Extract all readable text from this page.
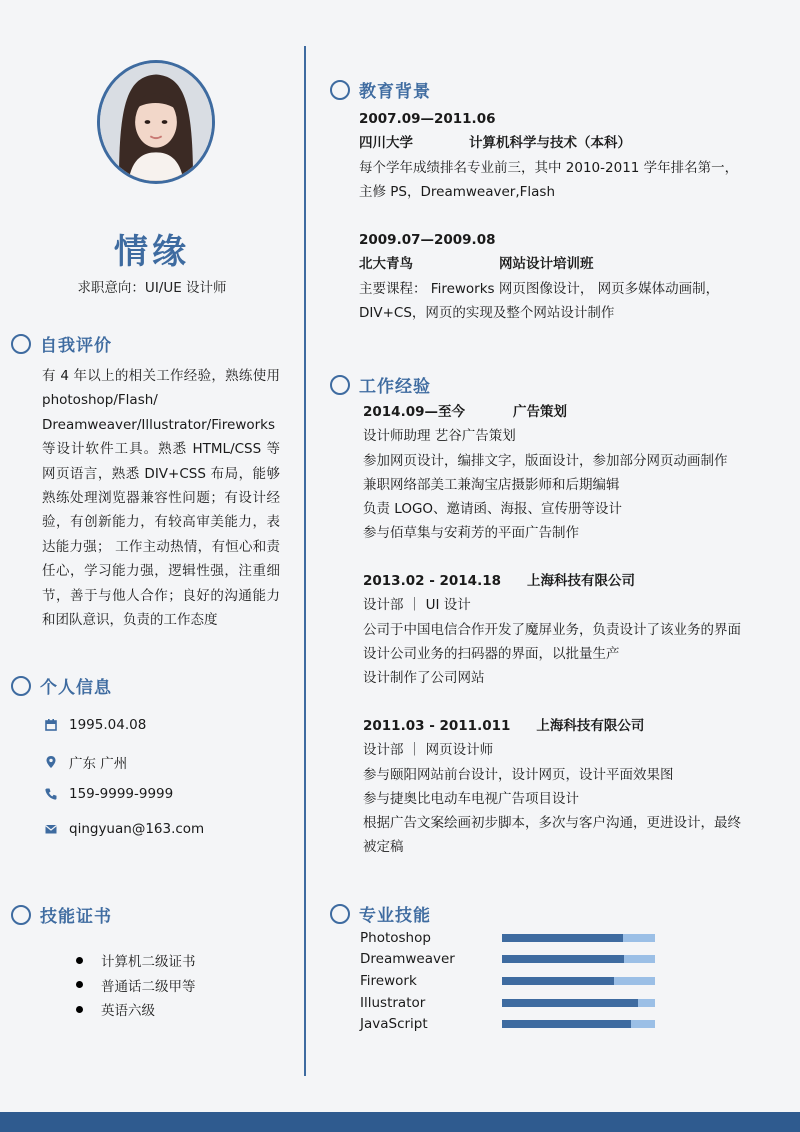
情缘
求职意向：UI/UE 设计师
自我评价
有 4 年以上的相关工作经验，熟练使用 photoshop/Flash/ Dreamweaver/Illustrator/Fireworks 等设计软件工具。熟悉 HTML/CSS 等网页语言，熟悉 DIV+CSS 布局，能够熟练处理浏览器兼容性问题；有设计经验，有创新能力，有较高审美能力，表达能力强； 工作主动热情，有恒心和责任心，学习能力强，逻辑性强，注重细节，善于与他人合作；良好的沟通能力和团队意识，负责的工作态度
个人信息
1995.04.08
广东 广州
159-9999-9999
qingyuan@163.com
技能证书
计算机二级证书
普通话二级甲等
英语六级
教育背景
2007.09—2011.06
四川大学	计算机科学与技术（本科）
每个学年成绩排名专业前三，其中 2010-2011 学年排名第一，
主修 PS，Dreamweaver,Flash
2009.07—2009.08
北大青鸟	网站设计培训班
主要课程： Fireworks 网页图像设计， 网页多媒体动画制，
DIV+CS，网页的实现及整个网站设计制作
工作经验
2014.09—至今	广告策划
设计师助理 艺谷广告策划
参加网页设计，编排文字，版面设计，参加部分网页动画制作
兼职网络部美工兼淘宝店摄影师和后期编辑
负责 LOGO、邀请函、海报、宣传册等设计
参与佰草集与安莉芳的平面广告制作
2013.02 - 2014.18 上海科技有限公司
设计部 ｜ UI 设计
公司于中国电信合作开发了魔屏业务，负责设计了该业务的界面
设计公司业务的扫码器的界面，以批量生产
设计制作了公司网站
2011.03 - 2011.011 上海科技有限公司
设计部 ｜ 网页设计师
参与颐阳网站前台设计，设计网页，设计平面效果图
参与捷奥比电动车电视广告项目设计
根据广告文案绘画初步脚本，多次与客户沟通，更进设计，最终
被定稿
专业技能
Photoshop
Dreamweaver
Firework
Illustrator
JavaScript
